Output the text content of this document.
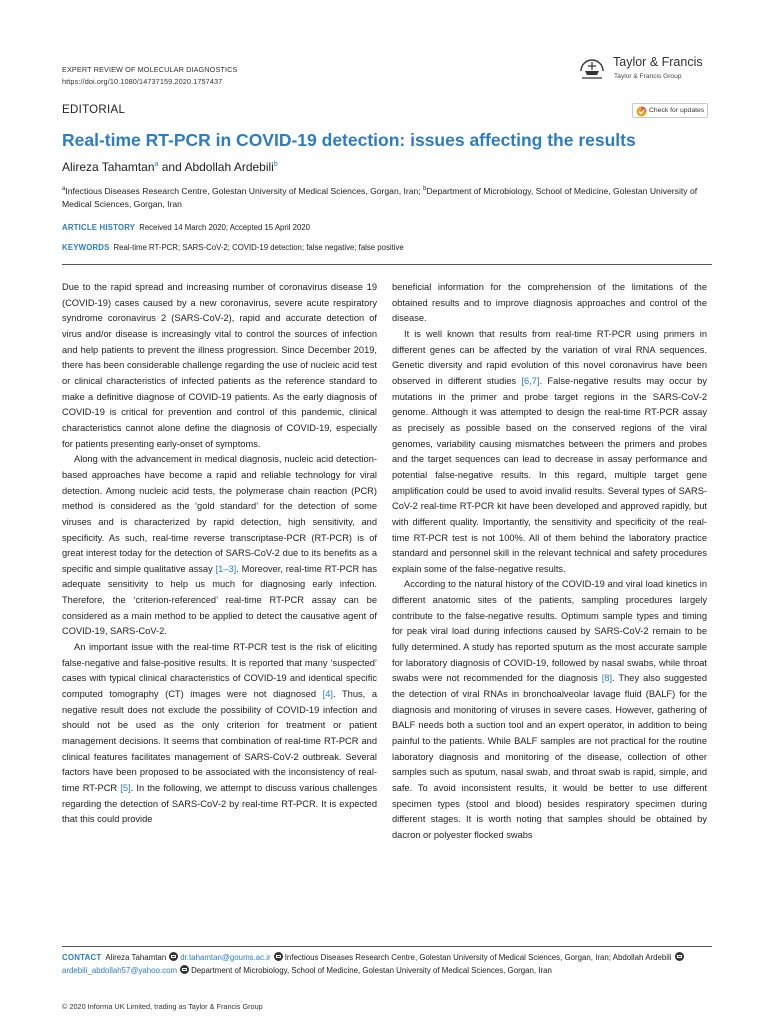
EXPERT REVIEW OF MOLECULAR DIAGNOSTICS
https://doi.org/10.1080/14737159.2020.1757437
Taylor & Francis
Taylor & Francis Group
EDITORIAL	Check for updates
Real-time RT-PCR in COVID-19 detection: issues affecting the results
Alireza Tahamtan$^a$ and Abdollah Ardebili$^b$
$^a$Infectious Diseases Research Centre, Golestan University of Medical Sciences, Gorgan, Iran; $^b$Department of Microbiology, School of Medicine, Golestan University of Medical Sciences, Gorgan, Iran
ARTICLE HISTORY Received 14 March 2020; Accepted 15 April 2020
KEYWORDS Real-time RT-PCR; SARS-CoV-2; COVID-19 detection; false negative; false positive

Due to the rapid spread and increasing number of coronavirus disease 19 (COVID-19) cases caused by a new coronavirus, severe acute respiratory syndrome coronavirus 2 (SARS-CoV-2), rapid and accurate detection of virus and/or disease is increasingly vital to control the sources of infection and help patients to prevent the illness progression. Since December 2019, there has been considerable challenge regarding the use of nucleic acid test or clinical characteristics of infected patients as the reference standard to make a definitive diagnose of COVID-19 patients. As the early diagnosis of COVID-19 is critical for prevention and control of this pandemic, clinical characteristics cannot alone define the diagnosis of COVID-19, especially for patients presenting early-onset of symptoms.

Along with the advancement in medical diagnosis, nucleic acid detection-based approaches have become a rapid and reliable technology for viral detection. Among nucleic acid tests, the polymerase chain reaction (PCR) method is considered as the ‘gold standard’ for the detection of some viruses and is characterized by rapid detection, high sensitivity, and specificity. As such, real-time reverse transcriptase-PCR (RT-PCR) is of great interest today for the detection of SARS-CoV-2 due to its benefits as a specific and simple qualitative assay [1–3]. Moreover, real-time RT-PCR has adequate sensitivity to help us much for diagnosing early infection. Therefore, the ‘criterion-referenced’ real-time RT-PCR assay can be considered as a main method to be applied to detect the causative agent of COVID-19, SARS-CoV-2.

An important issue with the real-time RT-PCR test is the risk of eliciting false-negative and false-positive results. It is reported that many ‘suspected’ cases with typical clinical characteristics of COVID-19 and identical specific computed tomography (CT) images were not diagnosed [4]. Thus, a negative result does not exclude the possibility of COVID-19 infection and should not be used as the only criterion for treatment or patient management decisions. It seems that combination of real-time RT-PCR and clinical features facilitates management of SARS-CoV-2 outbreak. Several factors have been proposed to be associated with the inconsistency of real-time RT-PCR [5]. In the following, we attempt to discuss various challenges regarding the detection of SARS-CoV-2 by real-time RT-PCR. It is expected that this could provide

beneficial information for the comprehension of the limitations of the obtained results and to improve diagnosis approaches and control of the disease.

It is well known that results from real-time RT-PCR using primers in different genes can be affected by the variation of viral RNA sequences. Genetic diversity and rapid evolution of this novel coronavirus have been observed in different studies [6,7]. False-negative results may occur by mutations in the primer and probe target regions in the SARS-CoV-2 genome. Although it was attempted to design the real-time RT-PCR assay as precisely as possible based on the conserved regions of the viral genomes, variability causing mismatches between the primers and probes and the target sequences can lead to decrease in assay performance and potential false-negative results. In this regard, multiple target gene amplification could be used to avoid invalid results. Several types of SARS-CoV-2 real-time RT-PCR kit have been developed and approved rapidly, but with different quality. Importantly, the sensitivity and specificity of the real-time RT-PCR test is not 100%. All of them behind the laboratory practice standard and personnel skill in the relevant technical and safety procedures explain some of the false-negative results.

According to the natural history of the COVID-19 and viral load kinetics in different anatomic sites of the patients, sampling procedures largely contribute to the false-negative results. Optimum sample types and timing for peak viral load during infections caused by SARS-CoV-2 remain to be fully determined. A study has reported sputum as the most accurate sample for laboratory diagnosis of COVID-19, followed by nasal swabs, while throat swabs were not recommended for the diagnosis [8]. They also suggested the detection of viral RNAs in bronchoalveolar lavage fluid (BALF) for the diagnosis and monitoring of viruses in severe cases. However, gathering of BALF needs both a suction tool and an expert operator, in addition to being painful to the patients. While BALF samples are not practical for the routine laboratory diagnosis and monitoring of the disease, collection of other samples such as sputum, nasal swab, and throat swab is rapid, simple, and safe. To avoid inconsistent results, it would be better to use different specimen types (stool and blood) besides respiratory specimen during different stages. It is worth noting that samples should be obtained by dacron or polyester flocked swabs

CONTACT Alireza Tahamtan dr.tahamtan@goums.ac.ir Infectious Diseases Research Centre, Golestan University of Medical Sciences, Gorgan, Iran; Abdollah Ardebiliardebili_abdollah57@yahoo.com Department of Microbiology, School of Medicine, Golestan University of Medical Sciences, Gorgan, Iran
© 2020 Informa UK Limited, trading as Taylor & Francis Group
